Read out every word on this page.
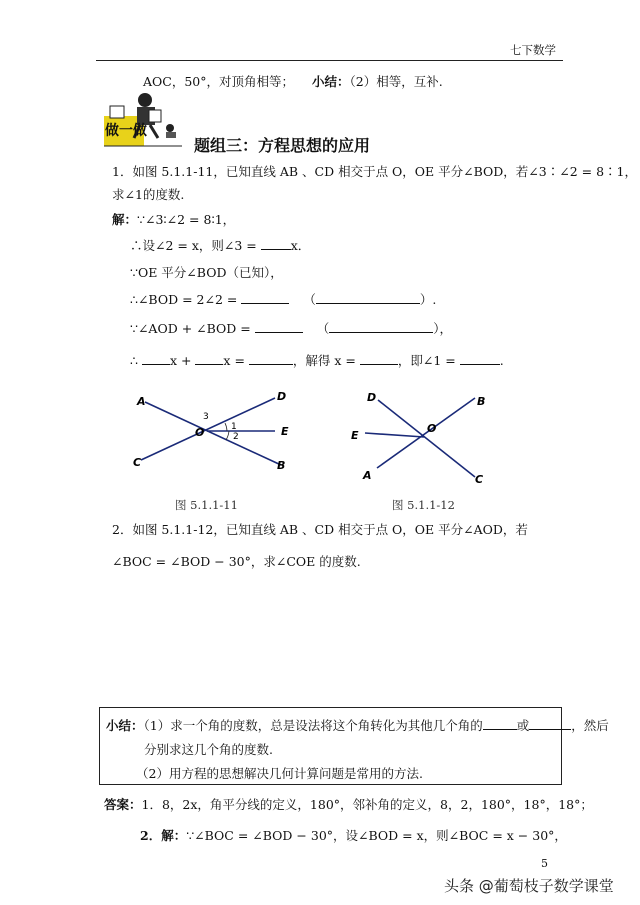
七下数学
AOC，50°，对顶角相等； 小结：（2）相等，互补.
做一做
题组三：方程思想的应用
1．如图 5.1.1-11，已知直线 AB 、CD 相交于点 O，OE 平分∠BOD，若∠3∶∠2 = 8∶1，
求∠1的度数.
解：∵∠3∶∠2 = 8∶1，
∴设∠2 = x，则∠3 = x．
∵OE 平分∠BOD（已知），
∴∠BOD = 2∠2 =	（	）.
∵∠AOD + ∠BOD =	（	），
∴	x +	x =	，解得 x =	，即∠1 =	.
A	D
E
C	B
O
3
1
2
图 5.1.1-11
D	B
E
O
A	C
图 5.1.1-12
2．如图 5.1.1-12，已知直线 AB 、CD 相交于点 O，OE 平分∠AOD，若
∠BOC = ∠BOD − 30°，求∠COE 的度数.
小结：（1）求一个角的度数，总是设法将这个角转化为其他几个角的	或	，然后
分别求这几个角的度数.
（2）用方程的思想解决几何计算问题是常用的方法.
答案：1．8，2x，角平分线的定义，180°，邻补角的定义，8，2，180°，18°，18°；
2．解：∵∠BOC = ∠BOD − 30°，设∠BOD = x，则∠BOC = x − 30°，
5
头条 @葡萄枝子数学课堂
